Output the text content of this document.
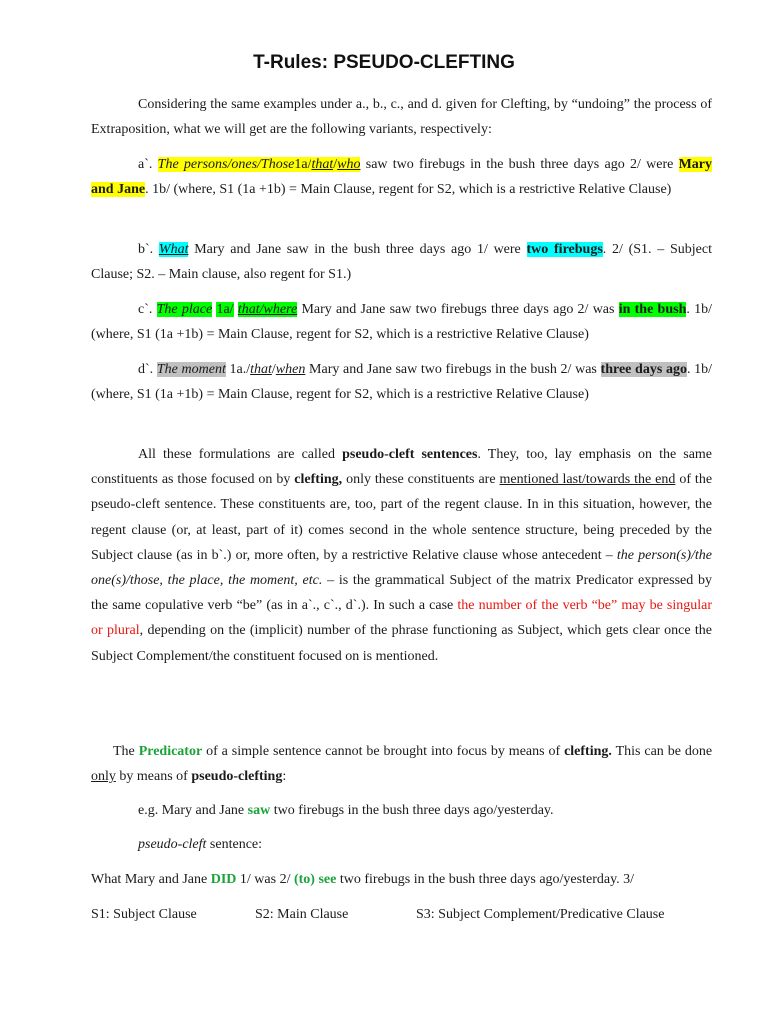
T-Rules: PSEUDO-CLEFTING

Considering the same examples under a., b., c., and d. given for Clefting, by “undoing” the process of Extraposition, what we will get are the following variants, respectively:

a`. The persons/ones/Those1a/that/who saw two firebugs in the bush three days ago 2/ were Mary and Jane. 1b/ (where, S1 (1a +1b) = Main Clause, regent for S2, which is a restrictive Relative Clause)

b`. What Mary and Jane saw in the bush three days ago 1/ were two firebugs. 2/ (S1. – Subject Clause; S2. – Main clause, also regent for S1.)

c`. The place 1a/ that/where Mary and Jane saw two firebugs three days ago 2/ was in the bush. 1b/ (where, S1 (1a +1b) = Main Clause, regent for S2, which is a restrictive Relative Clause)

d`. The moment 1a./that/when Mary and Jane saw two firebugs in the bush 2/ was three days ago. 1b/ (where, S1 (1a +1b) = Main Clause, regent for S2, which is a restrictive Relative Clause)

All these formulations are called pseudo-cleft sentences. They, too, lay emphasis on the same constituents as those focused on by clefting, only these constituents are mentioned last/towards the end of the pseudo-cleft sentence. These constituents are, too, part of the regent clause. In in this situation, however, the regent clause (or, at least, part of it) comes second in the whole sentence structure, being preceded by the Subject clause (as in b`.) or, more often, by a restrictive Relative clause whose antecedent – the person(s)/the one(s)/those, the place, the moment, etc. – is the grammatical Subject of the matrix Predicator expressed by the same copulative verb “be” (as in a`., c`., d`.). In such a case the number of the verb “be” may be singular or plural, depending on the (implicit) number of the phrase functioning as Subject, which gets clear once the Subject Complement/the constituent focused on is mentioned.

The Predicator of a simple sentence cannot be brought into focus by means of clefting. This can be done only by means of pseudo-clefting:

e.g. Mary and Jane saw two firebugs in the bush three days ago/yesterday.
pseudo-cleft sentence:
What Mary and Jane DID 1/ was 2/ (to) see two firebugs in the bush three days ago/yesterday. 3/
S1: Subject Clause	S2: Main Clause	S3: Subject Complement/Predicative Clause
